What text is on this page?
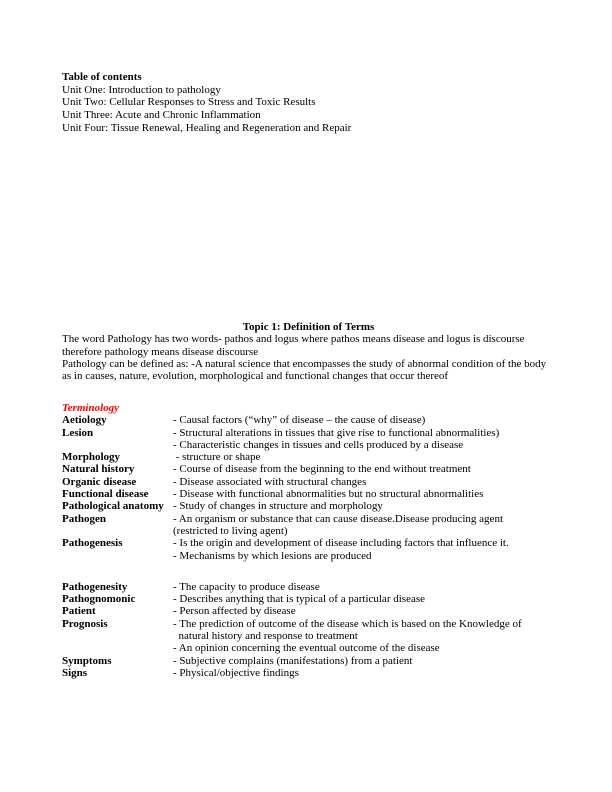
Table of contents
Unit One: Introduction to pathology
Unit Two: Cellular Responses to Stress and Toxic Results
Unit Three: Acute and Chronic Inflammation
Unit Four: Tissue Renewal, Healing and Regeneration and Repair
Topic 1: Definition of Terms

The word Pathology has two words- pathos and logus where pathos means disease and logus is discourse therefore pathology means disease discourse

Pathology can be defined as: -A natural science that encompasses the study of abnormal condition of the body as in causes, nature, evolution, morphological and functional changes that occur thereof

Terminology
Aetiology	- Causal factors (“why” of disease – the cause of disease)
Lesion	- Structural alterations in tissues that give rise to functional abnormalities)
- Characteristic changes in tissues and cells produced by a disease
Morphology	- structure or shape
Natural history	- Course of disease from the beginning to the end without treatment
Organic disease	- Disease associated with structural changes
Functional disease	- Disease with functional abnormalities but no structural abnormalities
Pathological anatomy - Study of changes in structure and morphology
Pathogen	- An organism or substance that can cause disease.Disease producing agent
(restricted to living agent)
Pathogenesis	- Is the origin and development of disease including factors that influence it.
- Mechanisms by which lesions are produced
Pathogenesity	- The capacity to produce disease
Pathognomonic	- Describes anything that is typical of a particular disease
Patient	- Person affected by disease
Prognosis	- The prediction of outcome of the disease which is based on the Knowledge of
natural history and response to treatment
- An opinion concerning the eventual outcome of the disease
Symptoms	- Subjective complains (manifestations) from a patient
Signs	- Physical/objective findings
